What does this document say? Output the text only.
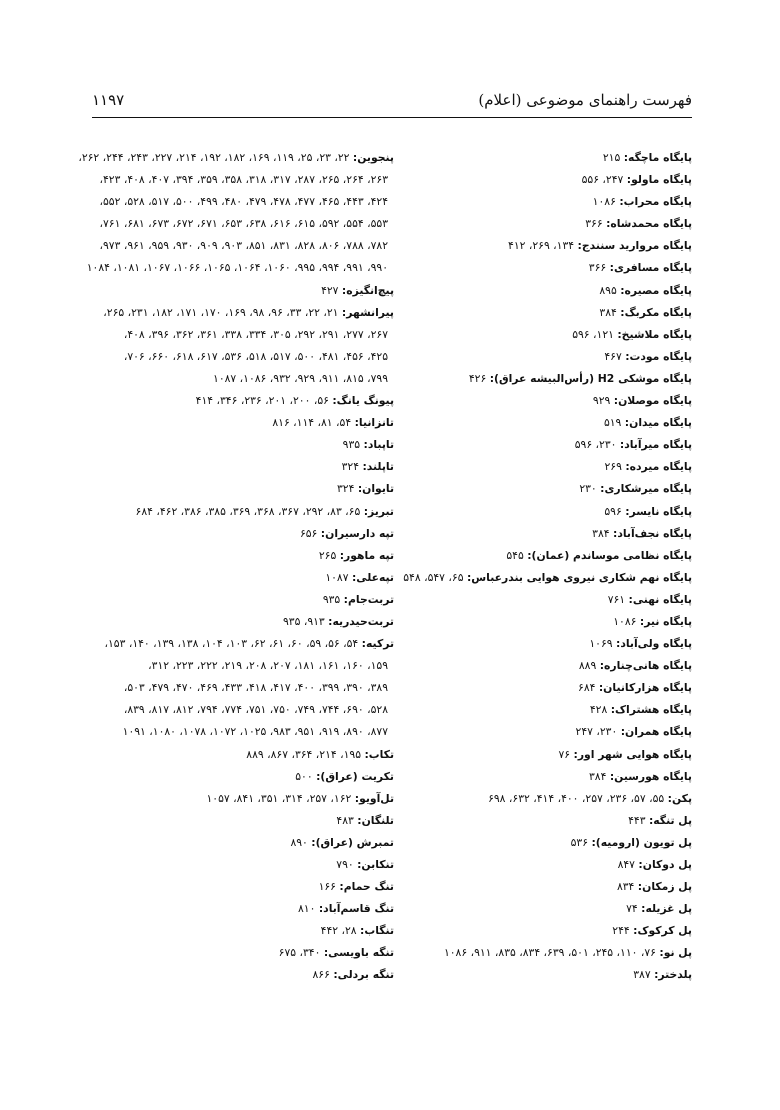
فهرست راهنمای موضوعی (اعلام)
۱۱۹۷
پایگاه ماچگه: ۲۱۵
پایگاه ماولو: ۲۴۷، ۵۵۶
پایگاه محراب: ۱۰۸۶
پایگاه محمدشاه: ۳۶۶
پایگاه مروارید سنندج: ۱۳۴، ۲۶۹، ۴۱۲
پایگاه مسافری: ۳۶۶
پایگاه مصیره: ۸۹۵
پایگاه مکربگ: ۳۸۴
پایگاه ملاشیخ: ۱۲۱، ۵۹۶
پایگاه مودت: ۴۶۷
پایگاه موشکی H2 (رأس‌البیشه عراق): ۴۲۶
پایگاه موصلان: ۹۲۹
پایگاه میدان: ۵۱۹
پایگاه میرآباد: ۲۳۰، ۵۹۶
پایگاه میرده: ۲۶۹
پایگاه میرشکاری: ۲۳۰
پایگاه نایسر: ۵۹۶
پایگاه نجف‌آباد: ۳۸۴
پایگاه نظامی موساندم (عمان): ۵۴۵
پایگاه نهم شکاری نیروی هوایی بندرعباس: ۶۵، ۵۴۷، ۵۴۸
پایگاه نهنی: ۷۶۱
پایگاه نیر: ۱۰۸۶
پایگاه ولی‌آباد: ۱۰۶۹
پایگاه هانی‌چناره: ۸۸۹
پایگاه هزارکانیان: ۶۸۴
پایگاه هشتراک: ۴۲۸
پایگاه همران: ۲۳۰، ۲۴۷
پایگاه هوایی شهر اور: ۷۶
پایگاه هورسین: ۳۸۴
پکن: ۵۵، ۵۷، ۲۳۶، ۲۵۷، ۴۰۰، ۴۱۴، ۶۳۲، ۶۹۸
پل تنگه: ۴۴۳
پل تویون (ارومیه): ۵۳۶
پل دوکان: ۸۴۷
پل زمکان: ۸۳۴
پل غزیله: ۷۴
پل کرکوک: ۲۴۴
پل نو: ۷۶، ۱۱۰، ۲۴۵، ۵۰۱، ۶۳۹، ۸۳۴، ۸۳۵، ۹۱۱، ۱۰۸۶
پلدختر: ۳۸۷
پنجوین: ۲۲، ۲۳، ۲۵، ۱۱۹، ۱۶۹، ۱۸۲، ۱۹۲، ۲۱۴، ۲۲۷، ۲۴۳، ۲۴۴، ۲۶۲،
۲۶۳، ۲۶۴، ۲۶۵، ۲۸۷، ۳۱۷، ۳۱۸، ۳۵۸، ۳۵۹، ۳۹۴، ۴۰۷، ۴۰۸، ۴۲۳،
۴۲۴، ۴۴۳، ۴۶۵، ۴۷۷، ۴۷۸، ۴۷۹، ۴۸۰، ۴۹۹، ۵۰۰، ۵۱۷، ۵۲۸، ۵۵۲،
۵۵۳، ۵۵۴، ۵۹۲، ۶۱۵، ۶۱۶، ۶۳۸، ۶۵۳، ۶۷۱، ۶۷۲، ۶۷۳، ۶۸۱، ۷۶۱،
۷۸۲، ۷۸۸، ۸۰۶، ۸۲۸، ۸۳۱، ۸۵۱، ۹۰۳، ۹۰۹، ۹۳۰، ۹۵۹، ۹۶۱، ۹۷۳،
۹۹۰، ۹۹۱، ۹۹۴، ۹۹۵، ۱۰۶۰، ۱۰۶۴، ۱۰۶۵، ۱۰۶۶، ۱۰۶۷، ۱۰۸۱، ۱۰۸۴
پیچ‌انگیزه: ۴۲۷
پیرانشهر: ۲۱، ۲۲، ۳۳، ۹۶، ۹۸، ۱۶۹، ۱۷۰، ۱۷۱، ۱۸۲، ۲۳۱، ۲۶۵،
۲۶۷، ۲۷۷، ۲۹۱، ۲۹۲، ۳۰۵، ۳۳۴، ۳۳۸، ۳۶۱، ۳۶۲، ۳۹۶، ۴۰۸،
۴۲۵، ۴۵۶، ۴۸۱، ۵۰۰، ۵۱۷، ۵۱۸، ۵۳۶، ۶۱۷، ۶۱۸، ۶۶۰، ۷۰۶،
۷۹۹، ۸۱۵، ۹۱۱، ۹۲۹، ۹۳۲، ۱۰۸۶، ۱۰۸۷
پیونگ یانگ: ۵۶، ۲۰۰، ۲۰۱، ۲۳۶، ۳۴۶، ۴۱۴
تانزانیا: ۵۴، ۸۱، ۱۱۴، ۸۱۶
تاپباد: ۹۳۵
تاپلند: ۳۲۴
تایوان: ۳۲۴
تبریز: ۶۵، ۸۳، ۲۹۲، ۳۶۷، ۳۶۸، ۳۶۹، ۳۸۵، ۳۸۶، ۴۶۲، ۶۸۴
تپه دارسیران: ۶۵۶
تپه ماهور: ۲۶۵
تپه‌علی: ۱۰۸۷
تربت‌جام: ۹۳۵
تربت‌حیدریه: ۹۱۳، ۹۳۵
ترکیه: ۵۴، ۵۶، ۵۹، ۶۰، ۶۱، ۶۲، ۱۰۳، ۱۰۴، ۱۳۸، ۱۳۹، ۱۴۰، ۱۵۳،
۱۵۹، ۱۶۰، ۱۶۱، ۱۸۱، ۲۰۷، ۲۰۸، ۲۱۹، ۲۲۲، ۲۲۳، ۳۱۲،
۳۸۹، ۳۹۰، ۳۹۹، ۴۰۰، ۴۱۷، ۴۱۸، ۴۳۳، ۴۶۹، ۴۷۰، ۴۷۹، ۵۰۳،
۵۲۸، ۶۹۰، ۷۴۴، ۷۴۹، ۷۵۰، ۷۵۱، ۷۷۴، ۷۹۴، ۸۱۲، ۸۱۷، ۸۳۹،
۸۷۷، ۸۹۰، ۹۱۹، ۹۵۱، ۹۸۳، ۱۰۲۵، ۱۰۷۲، ۱۰۷۸، ۱۰۸۰، ۱۰۹۱
تکاب: ۱۹۵، ۲۱۴، ۳۶۴، ۸۶۷، ۸۸۹
تکریت (عراق): ۵۰۰
تل‌آویو: ۱۶۲، ۲۵۷، ۳۱۴، ۳۵۱، ۸۴۱، ۱۰۵۷
تلنگان: ۴۸۳
تمبرش (عراق): ۸۹۰
تنکابن: ۷۹۰
تنگ حمام: ۱۶۶
تنگ قاسم‌آباد: ۸۱۰
تنگاب: ۲۸، ۴۴۲
تنگه باویسی: ۳۴۰، ۶۷۵
تنگه بردلی: ۸۶۶
